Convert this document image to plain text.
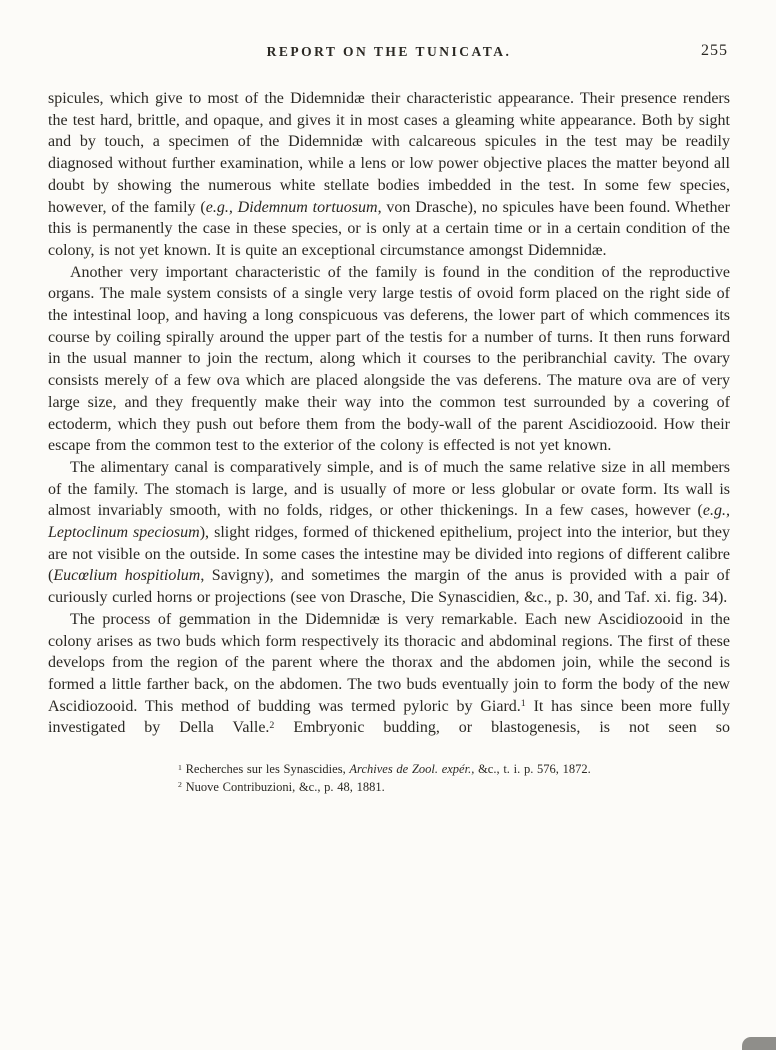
REPORT ON THE TUNICATA.	255

spicules, which give to most of the Didemnidæ their characteristic appearance. Their presence renders the test hard, brittle, and opaque, and gives it in most cases a gleaming white appearance. Both by sight and by touch, a specimen of the Didemnidæ with calcareous spicules in the test may be readily diagnosed without further examination, while a lens or low power objective places the matter beyond all doubt by showing the numerous white stellate bodies imbedded in the test. In some few species, however, of the family (e.g., Didemnum tortuosum, von Drasche), no spicules have been found. Whether this is permanently the case in these species, or is only at a certain time or in a certain condition of the colony, is not yet known. It is quite an exceptional circumstance amongst Didemnidæ.

Another very important characteristic of the family is found in the condition of the reproductive organs. The male system consists of a single very large testis of ovoid form placed on the right side of the intestinal loop, and having a long conspicuous vas deferens, the lower part of which commences its course by coiling spirally around the upper part of the testis for a number of turns. It then runs forward in the usual manner to join the rectum, along which it courses to the peribranchial cavity. The ovary consists merely of a few ova which are placed alongside the vas deferens. The mature ova are of very large size, and they frequently make their way into the common test surrounded by a covering of ectoderm, which they push out before them from the body-wall of the parent Ascidiozooid. How their escape from the common test to the exterior of the colony is effected is not yet known.

The alimentary canal is comparatively simple, and is of much the same relative size in all members of the family. The stomach is large, and is usually of more or less globular or ovate form. Its wall is almost invariably smooth, with no folds, ridges, or other thickenings. In a few cases, however (e.g., Leptoclinum speciosum), slight ridges, formed of thickened epithelium, project into the interior, but they are not visible on the outside. In some cases the intestine may be divided into regions of different calibre (Eucœlium hospitiolum, Savigny), and sometimes the margin of the anus is provided with a pair of curiously curled horns or projections (see von Drasche, Die Synascidien, &c., p. 30, and Taf. xi. fig. 34).

The process of gemmation in the Didemnidæ is very remarkable. Each new Ascidiozooid in the colony arises as two buds which form respectively its thoracic and abdominal regions. The first of these develops from the region of the parent where the thorax and the abdomen join, while the second is formed a little farther back, on the abdomen. The two buds eventually join to form the body of the new Ascidiozooid. This method of budding was termed pyloric by Giard.$^1$ It has since been more fully investigated by Della Valle.$^2$ Embryonic budding, or blastogenesis, is not seen so

$^1$ Recherches sur les Synascidies, Archives de Zool. expér., &c., t. i. p. 576, 1872.

$^2$ Nuove Contribuzioni, &c., p. 48, 1881.
